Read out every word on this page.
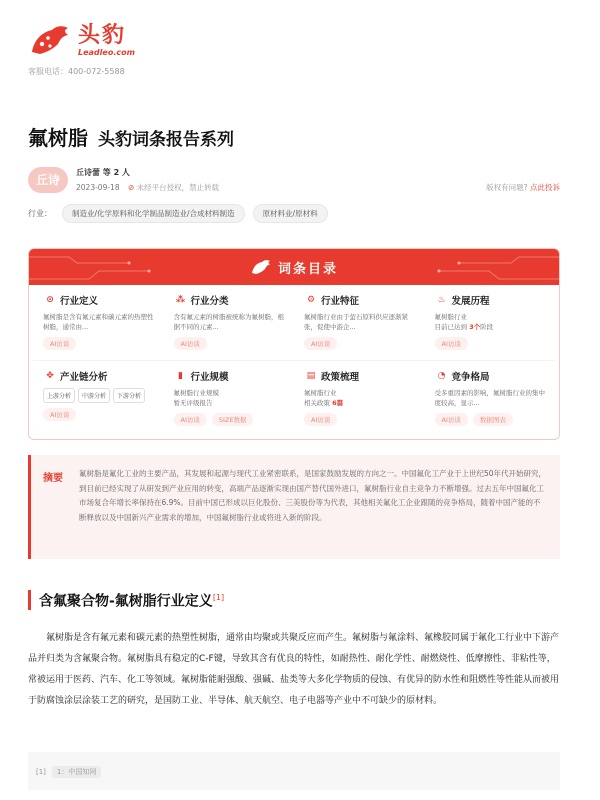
头豹
Leadleo.com
客服电话：400-072-5588
氟树脂 头豹词条报告系列
丘诗
丘诗蕾 等 2 人
2023-09-18 ⊘ 未经平台授权，禁止转载	版权有问题? 点此投诉
行业：	制造业/化学原料和化学制品制造业/合成材料制造	原材料业/原材料
词条目录
⊙ 行业定义
氟树脂是含有氟元素和碳元素的热塑性树脂，通常由...
AI访谈
⁂ 行业分类
含有氟元素的树脂被统称为氟树脂，根据不同的元素...
AI访谈
⚙ 行业特征
氟树脂行业由于萤石原料供应逐渐紧张，促使中游企...
AI访谈
♨ 发展历程
氟树脂行业
目前已达到 3个阶段
AI访谈
✥ 产业链分析
上游分析	中游分析	下游分析
AI访谈
▮ 行业规模
氟树脂行业规模
暂无评级报告
AI访谈	SIZE数据
▤ 政策梳理
氟树脂行业
相关政策 6篇
AI访谈
◔ 竞争格局
受多重因素的影响，氟树脂行业的集中度较高，显示...
AI访谈	数据图表
摘要 氟树脂是氟化工业的主要产品，其发展和起源与现代工业紧密联系，是国家鼓励发展的方向之一。中国氟化工产业于上世纪50年代开始研究，到目前已经实现了从研发到产业应用的转变，高端产品逐渐实现由国产替代国外进口，氟树脂行业自主竞争力不断增强。过去五年中国氟化工市场复合年增长率保持在6.9%。目前中国已形成以巨化股份、三美股份等为代表，其他相关氟化工企业跟随的竞争格局，随着中国产能的不断释放以及中国新兴产业需求的增加，中国氟树脂行业或将进入新的阶段。
含氟聚合物-氟树脂行业定义[1]
氟树脂是含有氟元素和碳元素的热塑性树脂，通常由均聚或共聚反应而产生。氟树脂与氟涂料、氟橡胶同属于氟化工行业中下游产品并归类为含氟聚合物。氟树脂具有稳定的C-F键，导致其含有优良的特性，如耐热性、耐化学性、耐燃烧性、低摩擦性、非粘性等，常被运用于医药、汽车、化工等领域。氟树脂能耐强酸、强碱、盐类等大多化学物质的侵蚀、有优异的防水性和阻燃性等性能从而被用于防腐蚀涂层涂装工艺的研究，是国防工业、半导体、航天航空、电子电器等产业中不可缺少的原材料。
[1] 1：中国知网
